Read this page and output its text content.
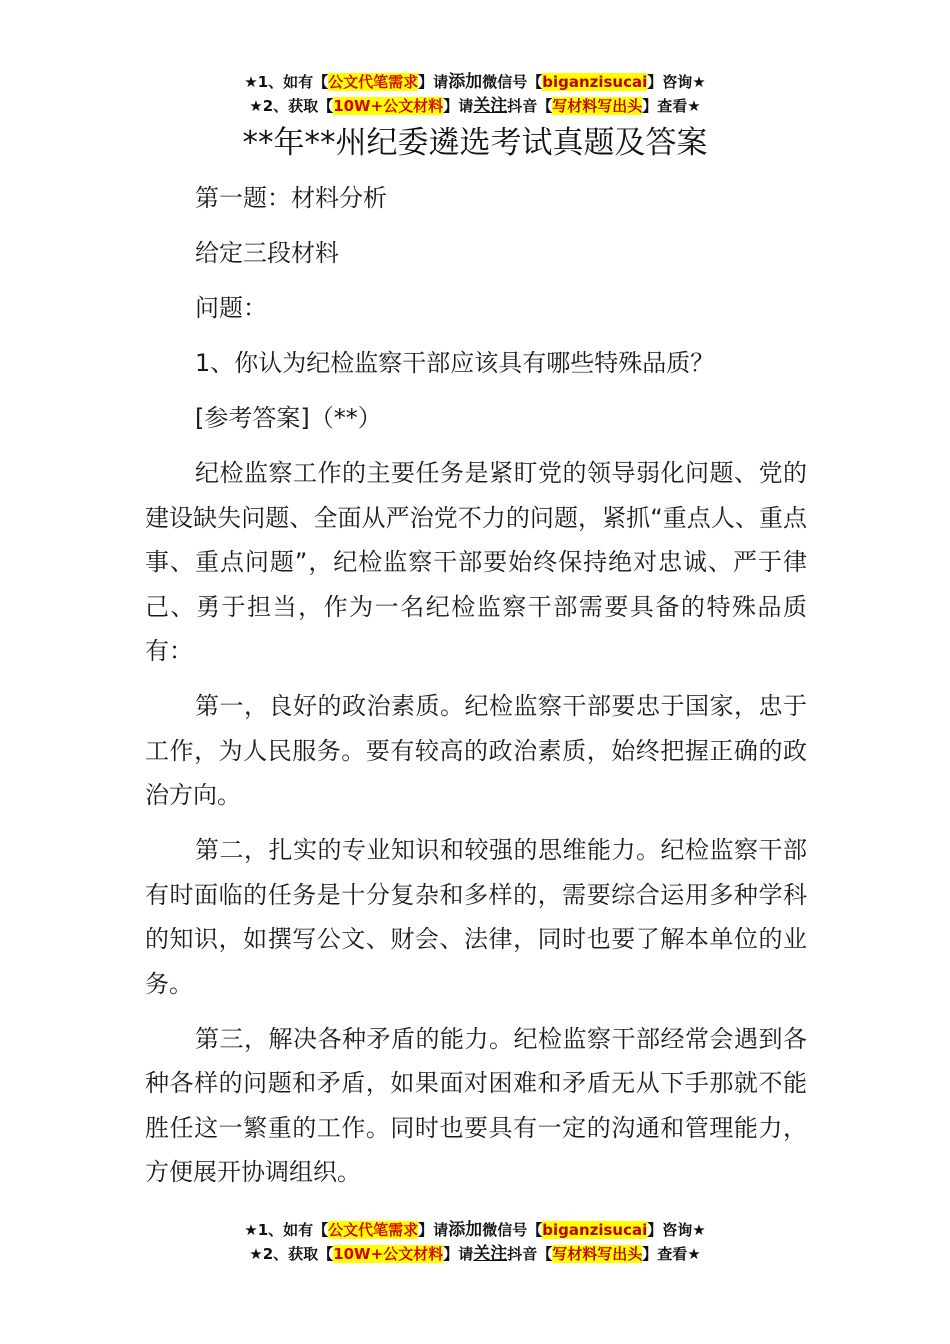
★1、如有【公文代笔需求】请添加微信号【biganzisucai】咨询★
★2、获取【10W+公文材料】请关注抖音【写材料写出头】查看★
**年**州纪委遴选考试真题及答案

第一题：材料分析

给定三段材料

问题：

1、你认为纪检监察干部应该具有哪些特殊品质？

[参考答案]（**）

纪检监察工作的主要任务是紧盯党的领导弱化问题、党的建设缺失问题、全面从严治党不力的问题，紧抓“重点人、重点事、重点问题”，纪检监察干部要始终保持绝对忠诚、严于律己、勇于担当，作为一名纪检监察干部需要具备的特殊品质有：

第一，良好的政治素质。纪检监察干部要忠于国家，忠于工作，为人民服务。要有较高的政治素质，始终把握正确的政治方向。

第二，扎实的专业知识和较强的思维能力。纪检监察干部有时面临的任务是十分复杂和多样的，需要综合运用多种学科的知识，如撰写公文、财会、法律，同时也要了解本单位的业务。

第三，解决各种矛盾的能力。纪检监察干部经常会遇到各种各样的问题和矛盾，如果面对困难和矛盾无从下手那就不能胜任这一繁重的工作。同时也要具有一定的沟通和管理能力，方便展开协调组织。

★1、如有【公文代笔需求】请添加微信号【biganzisucai】咨询★
★2、获取【10W+公文材料】请关注抖音【写材料写出头】查看★
